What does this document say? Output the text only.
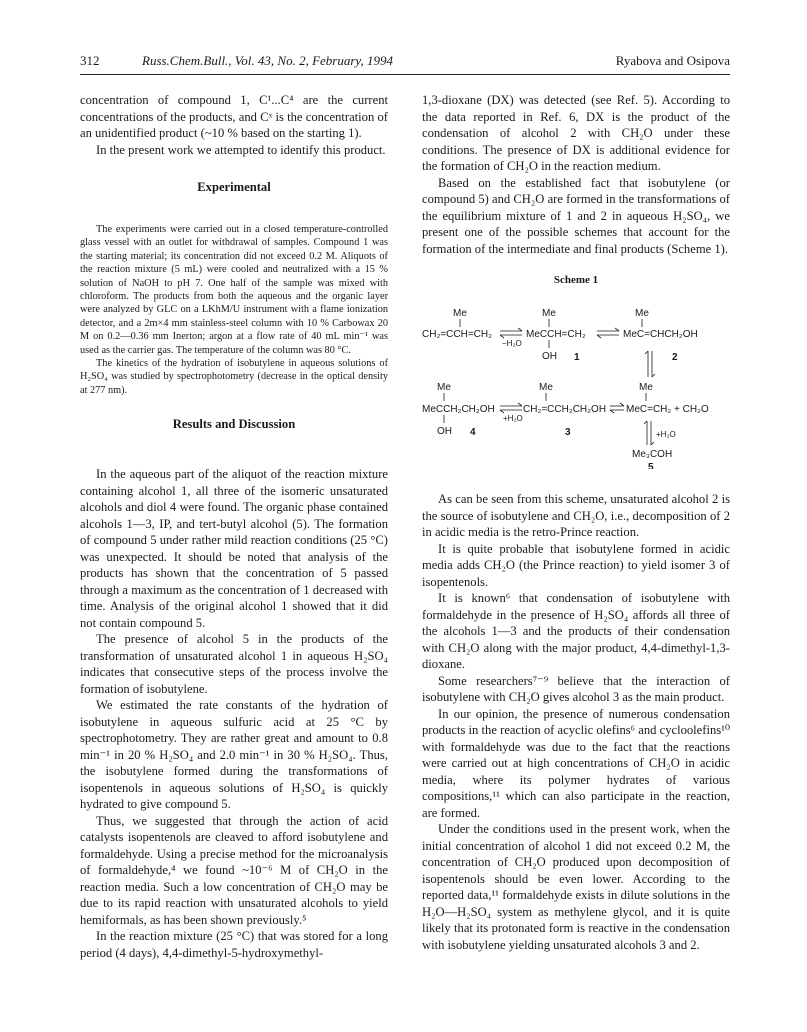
312	Russ.Chem.Bull., Vol. 43, No. 2, February, 1994	Ryabova and Osipova

concentration of compound 1, C¹...C⁴ are the current concentrations of the products, and Cˣ is the concentration of an unidentified product (~10 % based on the starting 1).

In the present work we attempted to identify this product.

Experimental

The experiments were carried out in a closed temperature-controlled glass vessel with an outlet for withdrawal of samples. Compound 1 was the starting material; its concentration did not exceed 0.2 M. Aliquots of the reaction mixture (5 mL) were cooled and neutralized with a 15 % solution of NaOH to pH 7. One half of the sample was mixed with chloroform. The products from both the aqueous and the organic layer were analyzed by GLC on a LKhM/U instrument with a flame ionization detector, and a 2m×4 mm stainless-steel column with 10 % Carbowax 20 M on 0.2—0.36 mm Inerton; argon at a flow rate of 40 mL min⁻¹ was used as the carrier gas. The temperature of the column was 80 °C.

The kinetics of the hydration of isobutylene in aqueous solutions of H₂SO₄ was studied by spectrophotometry (decrease in the optical density at 277 nm).

Results and Discussion

In the aqueous part of the aliquot of the reaction mixture containing alcohol 1, all three of the isomeric unsaturated alcohols and diol 4 were found. The organic phase contained alcohols 1—3, IP, and tert-butyl alcohol (5). The formation of compound 5 under rather mild reaction conditions (25 °C) was unexpected. It should be noted that analysis of the products has shown that the concentration of 5 passed through a maximum as the concentration of 1 decreased with time. Analysis of the original alcohol 1 showed that it did not contain compound 5.

The presence of alcohol 5 in the products of the transformation of unsaturated alcohol 1 in aqueous H₂SO₄ indicates that consecutive steps of the process involve the formation of isobutylene.

We estimated the rate constants of the hydration of isobutylene in aqueous sulfuric acid at 25 °C by spectrophotometry. They are rather great and amount to 0.8 min⁻¹ in 20 % H₂SO₄ and 2.0 min⁻¹ in 30 % H₂SO₄. Thus, the isobutylene formed during the transformations of isopentenols in aqueous solutions of H₂SO₄ is quickly hydrated to give compound 5.

Thus, we suggested that through the action of acid catalysts isopentenols are cleaved to afford isobutylene and formaldehyde. Using a precise method for the microanalysis of formaldehyde,⁴ we found ~10⁻⁶ M of CH₂O in the reaction media. Such a low concentration of CH₂O may be due to its rapid reaction with unsaturated alcohols to yield hemiformals, as has been shown previously.⁵

In the reaction mixture (25 °C) that was stored for a long period (4 days), 4,4-dimethyl-5-hydroxymethyl-

1,3-dioxane (DX) was detected (see Ref. 5). According to the data reported in Ref. 6, DX is the product of the condensation of alcohol 2 with CH₂O under these conditions. The presence of DX is additional evidence for the formation of CH₂O in the reaction medium.

Based on the established fact that isobutylene (or compound 5) and CH₂O are formed in the transformations of the equilibrium mixture of 1 and 2 in aqueous H₂SO₄, we present one of the possible schemes that account for the formation of the intermediate and final products (Scheme 1).

Scheme 1
Me
CH₂=CCH=CH₂
−H₂O
Me
MeCCH=CH₂
OH 1
Me
MeC=CHCH₂OH
2
Me
MeCCH₂CH₂OH
OH 4
+H₂O
Me
CH₂=CCH₂CH₂OH
3
Me
MeC=CH₂ + CH₂O
+H₂O
Me₃COH
5

As can be seen from this scheme, unsaturated alcohol 2 is the source of isobutylene and CH₂O, i.e., decomposition of 2 in acidic media is the retro-Prince reaction.

It is quite probable that isobutylene formed in acidic media adds CH₂O (the Prince reaction) to yield isomer 3 of isopentenols.

It is known⁶ that condensation of isobutylene with formaldehyde in the presence of H₂SO₄ affords all three of the alcohols 1—3 and the products of their condensation with CH₂O along with the major product, 4,4-dimethyl-1,3-dioxane.

Some researchers⁷⁻⁹ believe that the interaction of isobutylene with CH₂O gives alcohol 3 as the main product.

In our opinion, the presence of numerous condensation products in the reaction of acyclic olefins⁶ and cycloolefins¹⁰ with formaldehyde was due to the fact that the reactions were carried out at high concentrations of CH₂O in acidic media, where its polymer hydrates of various compositions,¹¹ which can also participate in the reaction, are formed.

Under the conditions used in the present work, when the initial concentration of alcohol 1 did not exceed 0.2 M, the concentration of CH₂O produced upon decomposition of isopentenols should be even lower. According to the reported data,¹¹ formaldehyde exists in dilute solutions in the H₂O—H₂SO₄ system as methylene glycol, and it is quite likely that its protonated form is reactive in the condensation with isobutylene yielding unsaturated alcohols 3 and 2.
